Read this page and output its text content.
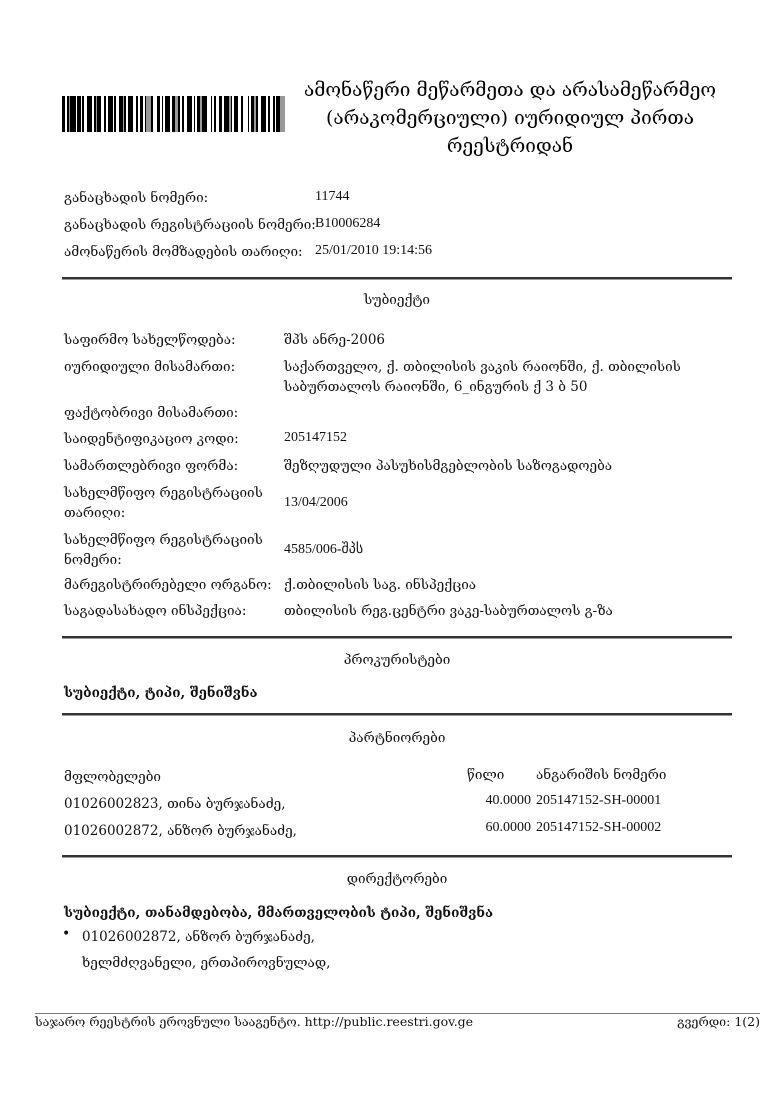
ამონაწერი მეწარმეთა და არასამეწარმეო
(არაკომერციული) იურიდიულ პირთა
რეესტრიდან
განაცხადის ნომერი:	11744
განაცხადის რეგისტრაციის ნომერი: B10006284
ამონაწერის მომზადების თარიღი: 25/01/2010 19:14:56
სუბიექტი
საფირმო სახელწოდება:	შპს ანრე-2006
იურიდიული მისამართი:	საქართველო, ქ. თბილისის ვაკის რაიონში, ქ. თბილისის საბურთალოს რაიონში, 6_ინგურის ქ 3 ბ 50
ფაქტობრივი მისამართი:
საიდენტიფიკაციო კოდი:	205147152
სამართლებრივი ფორმა:	შეზღუდული პასუხისმგებლობის საზოგადოება
სახელმწიფო რეგისტრაციის თარიღი:
13/04/2006
სახელმწიფო რეგისტრაციის ნომერი:
4585/006-შპს
მარეგისტრირებელი ორგანო: ქ.თბილისის საგ. ინსპექცია
საგადასახადო ინსპექცია:	თბილისის რეგ.ცენტრი ვაკე-საბურთალოს გ-ზა
პროკურისტები
სუბიექტი, ტიპი, შენიშვნა
პარტნიორები
მფლობელები	წილი ანგარიშის ნომერი
01026002823, თინა ბურჯანაძე,	40.0000 205147152-SH-00001
01026002872, ანზორ ბურჯანაძე,	60.0000 205147152-SH-00002
დირექტორები
სუბიექტი, თანამდებობა, მმართველობის ტიპი, შენიშვნა
• 01026002872, ანზორ ბურჯანაძე,
ხელმძღვანელი, ერთპიროვნულად,
საჯარო რეესტრის ეროვნული სააგენტო. http://public.reestri.gov.ge	გვერდი: 1(2)
